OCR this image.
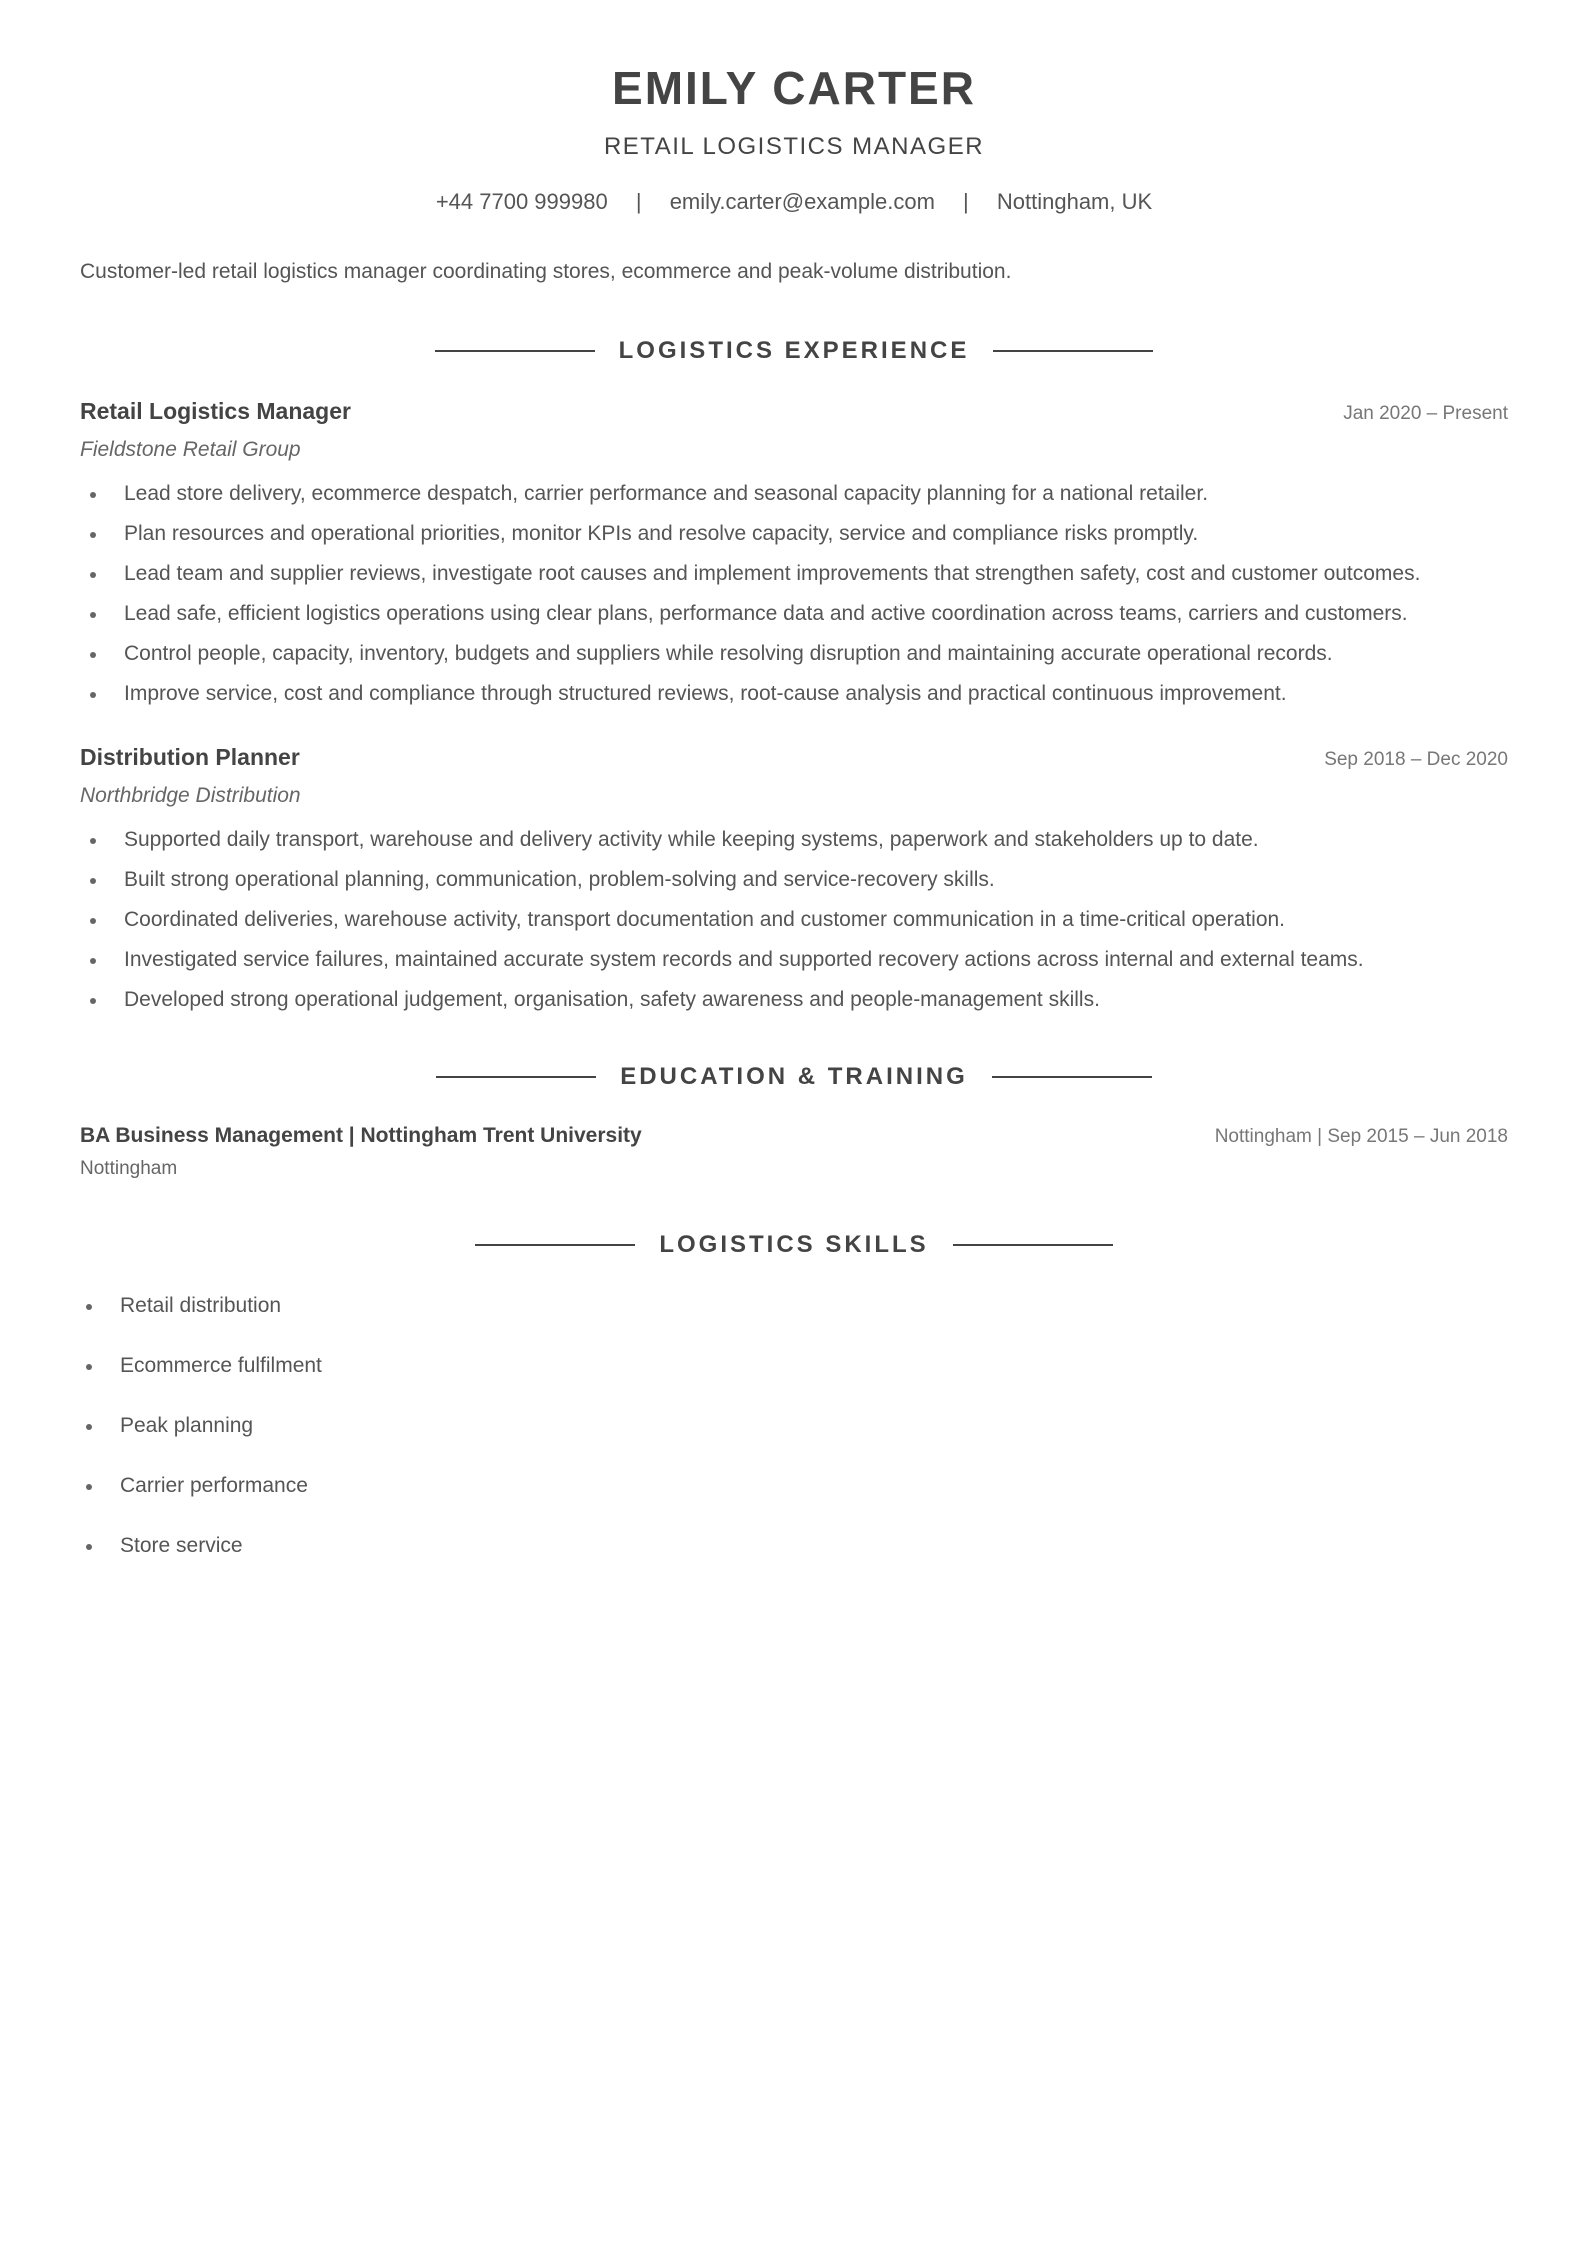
EMILY CARTER
RETAIL LOGISTICS MANAGER
+44 7700 999980 | emily.carter@example.com | Nottingham, UK
Customer-led retail logistics manager coordinating stores, ecommerce and peak-volume distribution.
LOGISTICS EXPERIENCE
Retail Logistics Manager	Jan 2020 – Present
Fieldstone Retail Group
Lead store delivery, ecommerce despatch, carrier performance and seasonal capacity planning for a national retailer.
Plan resources and operational priorities, monitor KPIs and resolve capacity, service and compliance risks promptly.
Lead team and supplier reviews, investigate root causes and implement improvements that strengthen safety, cost and customer outcomes.
Lead safe, efficient logistics operations using clear plans, performance data and active coordination across teams, carriers and customers.
Control people, capacity, inventory, budgets and suppliers while resolving disruption and maintaining accurate operational records.
Improve service, cost and compliance through structured reviews, root-cause analysis and practical continuous improvement.
Distribution Planner	Sep 2018 – Dec 2020
Northbridge Distribution
Supported daily transport, warehouse and delivery activity while keeping systems, paperwork and stakeholders up to date.
Built strong operational planning, communication, problem-solving and service-recovery skills.
Coordinated deliveries, warehouse activity, transport documentation and customer communication in a time-critical operation.
Investigated service failures, maintained accurate system records and supported recovery actions across internal and external teams.
Developed strong operational judgement, organisation, safety awareness and people-management skills.
EDUCATION & TRAINING
BA Business Management | Nottingham Trent University	Nottingham | Sep 2015 – Jun 2018
Nottingham
LOGISTICS SKILLS
Retail distribution
Ecommerce fulfilment
Peak planning
Carrier performance
Store service
